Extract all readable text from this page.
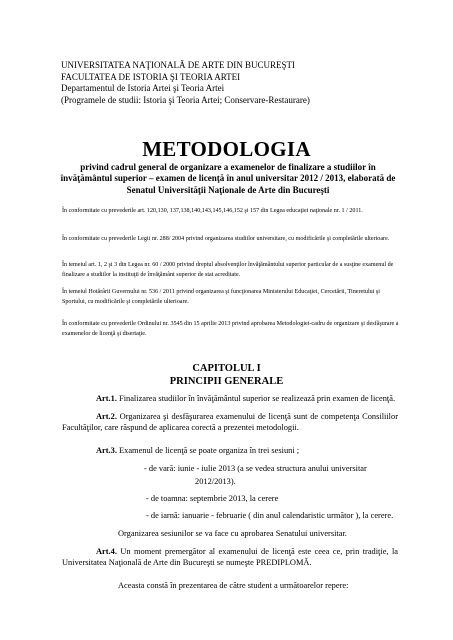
UNIVERSITATEA NAŢIONALĂ DE ARTE DIN BUCUREŞTI
FACULTATEA DE ISTORIA ŞI TEORIA ARTEI
Departamentul de Istoria Artei şi Teoria Artei
(Programele de studii: Istoria şi Teoria Artei; Conservare-Restaurare)
METODOLOGIA
privind cadrul general de organizare a examenelor de finalizare a studiilor în învăţământul superior – examen de licenţă în anul universitar 2012 / 2013, elaborată de Senatul Universităţii Naţionale de Arte din Bucureşti
În conformitate cu prevederile art. 120,130, 137,138,140,143,145,146,152 şi 157 din Legea educaţiei naţionale nr. 1 / 2011.
În conformitate cu prevederile Legii nr. 288/ 2004 privind organizarea studiilor universitare, cu modificările şi completările ulterioare.
În temeiul art. 1, 2 şi 3 din Legea nr. 60 / 2000 privind dreptul absolvenţilor învăţământului superior particular de a susţine examenul de finalizare a studiilor la instituţii de învăţământ superior de stat acreditate.
În temeiul Hotărârii Guvernului nr. 536 / 2011 privind organizarea şi funcţionarea Ministerului Educaţiei, Cercetării, Tineretului şi Sportului, cu modificările şi completările ulterioare.
În conformitate cu prevederile Ordinului nr. 3545 din 15 aprilie 2013 privind aprobarea Metodologiei-cadru de organizare şi desfăşurare a examenelor de licenţă şi disertaţie.
CAPITOLUL I
PRINCIPII GENERALE
Art.1. Finalizarea studiilor în învăţământul superior se realizează prin examen de licenţă.
Art.2. Organizarea şi desfăşurarea examenului de licenţă sunt de competenţa Consiliilor Facultăţilor, care răspund de aplicarea corectă a prezentei metodologii.
Art.3. Examenul de licenţă se poate organiza în trei sesiuni ;
- de vară: iunie - iulie 2013 (a se vedea structura anului universitar
2012/2013).
- de toamna: septembrie 2013, la cerere
- de iarnă: ianuarie - februarie ( din anul calendaristic următor ), la cerere.
Organizarea sesiunilor se va face cu aprobarea Senatului universitar.
Art.4. Un moment premergător al examenului de licenţă este ceea ce, prin tradiţie, la Universitatea Naţională de Arte din Bucureşti se numeşte PREDIPLOMĂ.
Aceasta constă în prezentarea de către student a următoarelor repere:
